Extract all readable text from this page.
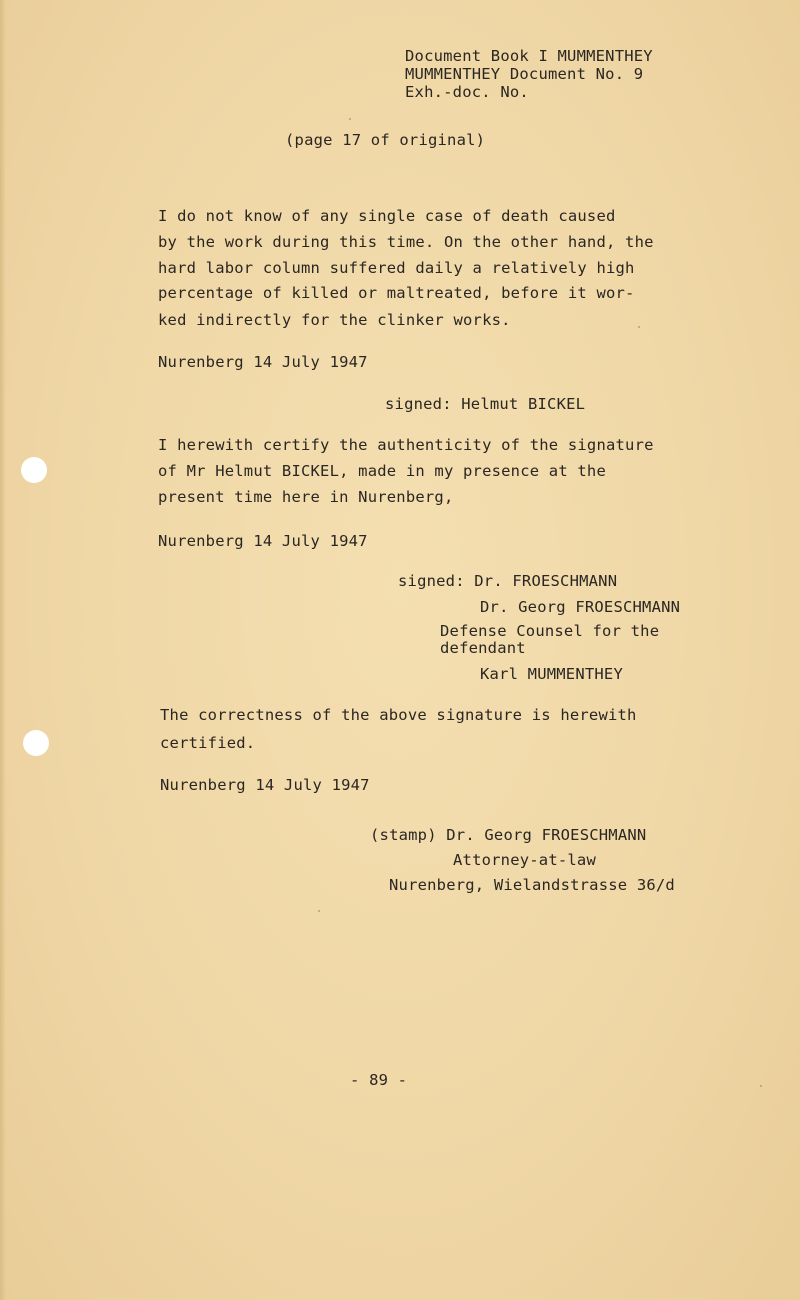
Document Book I MUMMENTHEY
MUMMENTHEY Document No. 9
Exh.-doc. No.
(page 17 of original)
I do not know of any single case of death caused
by the work during this time. On the other hand, the
hard labor column suffered daily a relatively high
percentage of killed or maltreated, before it wor-
ked indirectly for the clinker works.
Nurenberg 14 July 1947
signed: Helmut BICKEL
I herewith certify the authenticity of the signature
of Mr Helmut BICKEL, made in my presence at the
present time here in Nurenberg,
Nurenberg 14 July 1947
signed: Dr. FROESCHMANN
Dr. Georg FROESCHMANN
Defense Counsel for the
defendant
Karl MUMMENTHEY
The correctness of the above signature is herewith
certified.
Nurenberg 14 July 1947
(stamp) Dr. Georg FROESCHMANN
Attorney-at-law
Nurenberg, Wielandstrasse 36/d
- 89 -
